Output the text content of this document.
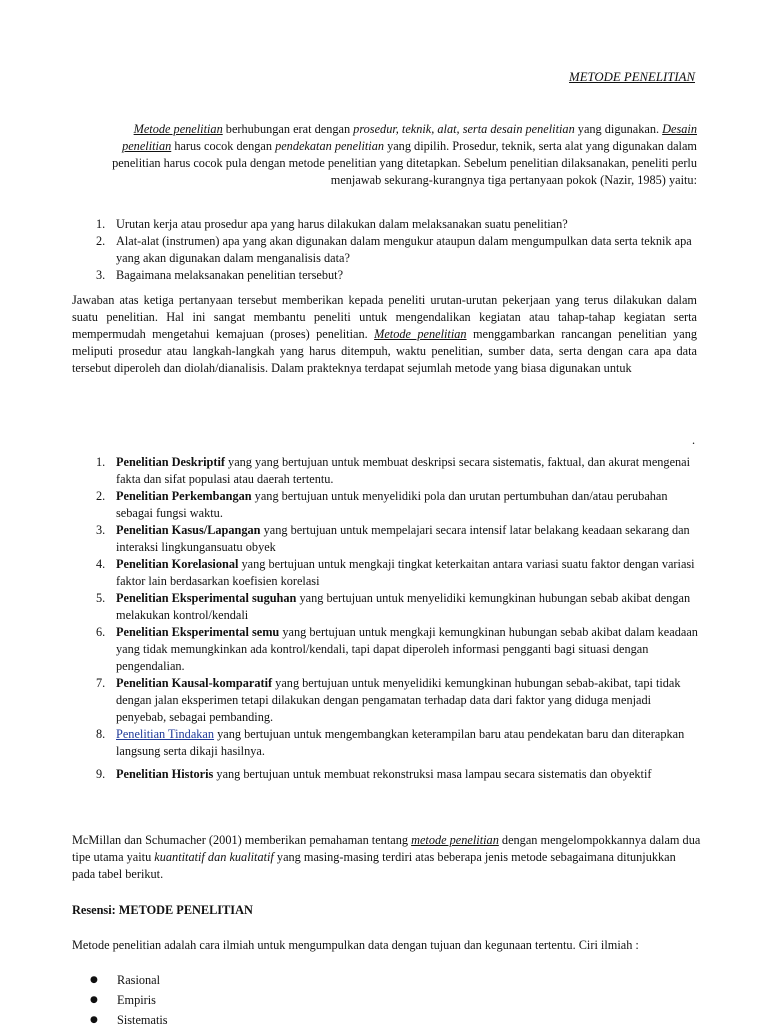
METODE PENELITIAN

Metode penelitian berhubungan erat dengan prosedur, teknik, alat, serta desain penelitian yang digunakan. Desain penelitian harus cocok dengan pendekatan penelitian yang dipilih. Prosedur, teknik, serta alat yang digunakan dalam penelitian harus cocok pula dengan metode penelitian yang ditetapkan. Sebelum penelitian dilaksanakan, peneliti perlu menjawab sekurang-kurangnya tiga pertanyaan pokok (Nazir, 1985) yaitu:

1. Urutan kerja atau prosedur apa yang harus dilakukan dalam melaksanakan suatu penelitian?
2. Alat-alat (instrumen) apa yang akan digunakan dalam mengukur ataupun dalam mengumpulkan data serta teknik apa yang akan digunakan dalam menganalisis data?
3. Bagaimana melaksanakan penelitian tersebut?

Jawaban atas ketiga pertanyaan tersebut memberikan kepada peneliti urutan-urutan pekerjaan yang terus dilakukan dalam suatu penelitian. Hal ini sangat membantu peneliti untuk mengendalikan kegiatan atau tahap-tahap kegiatan serta mempermudah mengetahui kemajuan (proses) penelitian. Metode penelitian menggambarkan rancangan penelitian yang meliputi prosedur atau langkah-langkah yang harus ditempuh, waktu penelitian, sumber data, serta dengan cara apa data tersebut diperoleh dan diolah/dianalisis. Dalam prakteknya terdapat sejumlah metode yang biasa digunakan untuk

.
1. Penelitian Deskriptif yang yang bertujuan untuk membuat deskripsi secara sistematis, faktual, dan akurat mengenai fakta dan sifat populasi atau daerah tertentu.
2. Penelitian Perkembangan yang bertujuan untuk menyelidiki pola dan urutan pertumbuhan dan/atau perubahan sebagai fungsi waktu.
3. Penelitian Kasus/Lapangan yang bertujuan untuk mempelajari secara intensif latar belakang keadaan sekarang dan interaksi lingkungansuatu obyek
4. Penelitian Korelasional yang bertujuan untuk mengkaji tingkat keterkaitan antara variasi suatu faktor dengan variasi faktor lain berdasarkan koefisien korelasi
5. Penelitian Eksperimental suguhan yang bertujuan untuk menyelidiki kemungkinan hubungan sebab akibat dengan melakukan kontrol/kendali
6. Penelitian Eksperimental semu yang bertujuan untuk mengkaji kemungkinan hubungan sebab akibat dalam keadaan yang tidak memungkinkan ada kontrol/kendali, tapi dapat diperoleh informasi pengganti bagi situasi dengan pengendalian.
7. Penelitian Kausal-komparatif yang bertujuan untuk menyelidiki kemungkinan hubungan sebab-akibat, tapi tidak dengan jalan eksperimen tetapi dilakukan dengan pengamatan terhadap data dari faktor yang diduga menjadi penyebab, sebagai pembanding.
8. Penelitian Tindakan yang bertujuan untuk mengembangkan keterampilan baru atau pendekatan baru dan diterapkan langsung serta dikaji hasilnya.
9. Penelitian Historis yang bertujuan untuk membuat rekonstruksi masa lampau secara sistematis dan obyektif

McMillan dan Schumacher (2001) memberikan pemahaman tentang metode penelitian dengan mengelompokkannya dalam dua tipe utama yaitu kuantitatif dan kualitatif yang masing-masing terdiri atas beberapa jenis metode sebagaimana ditunjukkan pada tabel berikut.

Resensi: METODE PENELITIAN

Metode penelitian adalah cara ilmiah untuk mengumpulkan data dengan tujuan dan kegunaan tertentu. Ciri ilmiah :

● Rasional
● Empiris
● Sistematis
